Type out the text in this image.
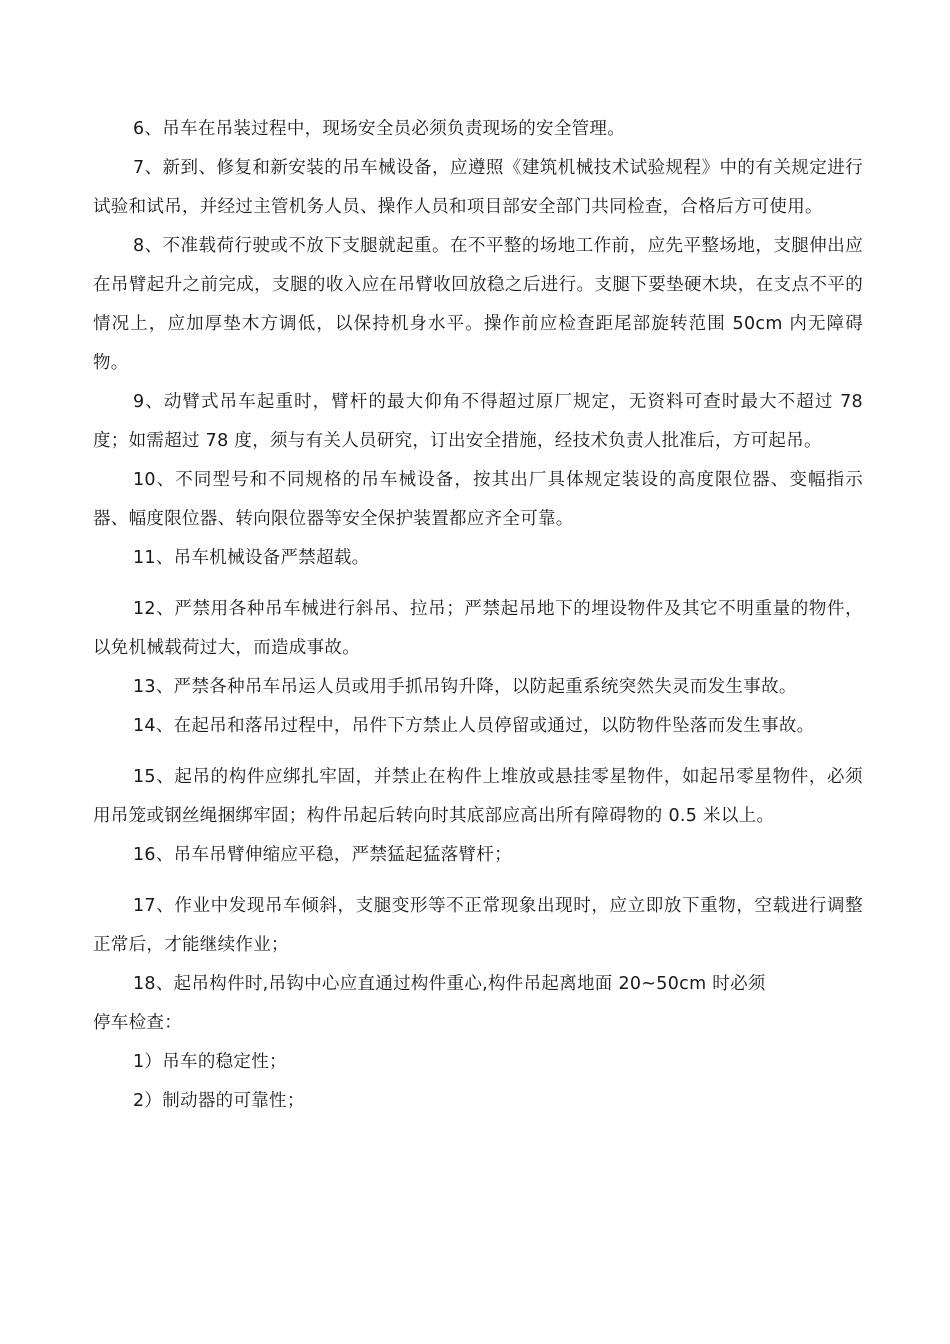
6、吊车在吊装过程中，现场安全员必须负责现场的安全管理。

7、新到、修复和新安装的吊车械设备，应遵照《建筑机械技术试验规程》中的有关规定进行试验和试吊，并经过主管机务人员、操作人员和项目部安全部门共同检查，合格后方可使用。

8、不准载荷行驶或不放下支腿就起重。在不平整的场地工作前，应先平整场地，支腿伸出应在吊臂起升之前完成，支腿的收入应在吊臂收回放稳之后进行。支腿下要垫硬木块，在支点不平的情况上，应加厚垫木方调低，以保持机身水平。操作前应检查距尾部旋转范围 50cm 内无障碍物。

9、动臂式吊车起重时，臂杆的最大仰角不得超过原厂规定，无资料可查时最大不超过 78 度；如需超过 78 度，须与有关人员研究，订出安全措施，经技术负责人批准后，方可起吊。

10、不同型号和不同规格的吊车械设备，按其出厂具体规定装设的高度限位器、变幅指示器、幅度限位器、转向限位器等安全保护装置都应齐全可靠。

11、吊车机械设备严禁超载。

12、严禁用各种吊车械进行斜吊、拉吊；严禁起吊地下的埋设物件及其它不明重量的物件，以免机械载荷过大，而造成事故。

13、严禁各种吊车吊运人员或用手抓吊钩升降，以防起重系统突然失灵而发生事故。

14、在起吊和落吊过程中，吊件下方禁止人员停留或通过，以防物件坠落而发生事故。

15、起吊的构件应绑扎牢固，并禁止在构件上堆放或悬挂零星物件，如起吊零星物件，必须用吊笼或钢丝绳捆绑牢固；构件吊起后转向时其底部应高出所有障碍物的 0.5 米以上。

16、吊车吊臂伸缩应平稳，严禁猛起猛落臂杆；

17、作业中发现吊车倾斜，支腿变形等不正常现象出现时，应立即放下重物，空载进行调整正常后，才能继续作业；

18、起吊构件时,吊钩中心应直通过构件重心,构件吊起离地面 20~50cm 时必须

停车检查：

1）吊车的稳定性；

2）制动器的可靠性；
